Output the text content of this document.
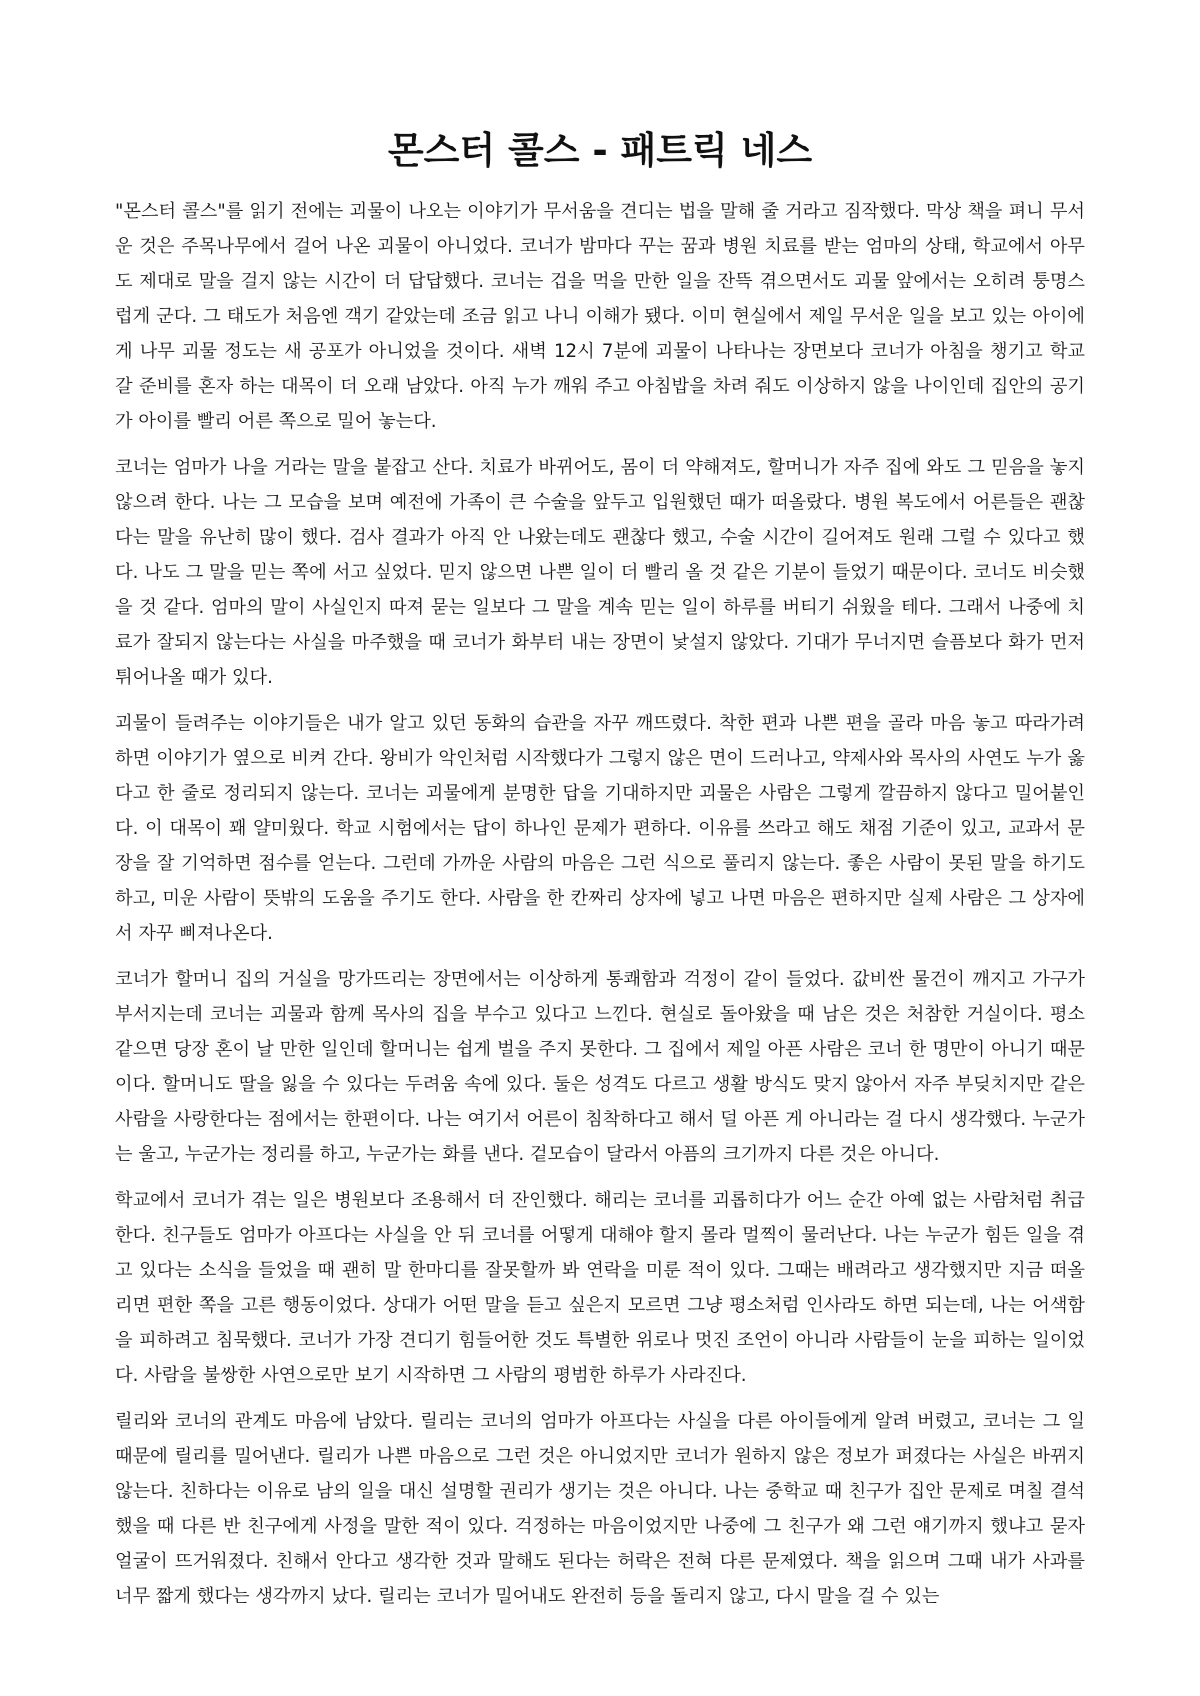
몬스터 콜스 - 패트릭 네스

"몬스터 콜스"를 읽기 전에는 괴물이 나오는 이야기가 무서움을 견디는 법을 말해 줄 거라고 짐작했다. 막상 책을 펴니 무서운 것은 주목나무에서 걸어 나온 괴물이 아니었다. 코너가 밤마다 꾸는 꿈과 병원 치료를 받는 엄마의 상태, 학교에서 아무도 제대로 말을 걸지 않는 시간이 더 답답했다. 코너는 겁을 먹을 만한 일을 잔뜩 겪으면서도 괴물 앞에서는 오히려 퉁명스럽게 군다. 그 태도가 처음엔 객기 같았는데 조금 읽고 나니 이해가 됐다. 이미 현실에서 제일 무서운 일을 보고 있는 아이에게 나무 괴물 정도는 새 공포가 아니었을 것이다. 새벽 12시 7분에 괴물이 나타나는 장면보다 코너가 아침을 챙기고 학교 갈 준비를 혼자 하는 대목이 더 오래 남았다. 아직 누가 깨워 주고 아침밥을 차려 줘도 이상하지 않을 나이인데 집안의 공기가 아이를 빨리 어른 쪽으로 밀어 놓는다.

코너는 엄마가 나을 거라는 말을 붙잡고 산다. 치료가 바뀌어도, 몸이 더 약해져도, 할머니가 자주 집에 와도 그 믿음을 놓지 않으려 한다. 나는 그 모습을 보며 예전에 가족이 큰 수술을 앞두고 입원했던 때가 떠올랐다. 병원 복도에서 어른들은 괜찮다는 말을 유난히 많이 했다. 검사 결과가 아직 안 나왔는데도 괜찮다 했고, 수술 시간이 길어져도 원래 그럴 수 있다고 했다. 나도 그 말을 믿는 쪽에 서고 싶었다. 믿지 않으면 나쁜 일이 더 빨리 올 것 같은 기분이 들었기 때문이다. 코너도 비슷했을 것 같다. 엄마의 말이 사실인지 따져 묻는 일보다 그 말을 계속 믿는 일이 하루를 버티기 쉬웠을 테다. 그래서 나중에 치료가 잘되지 않는다는 사실을 마주했을 때 코너가 화부터 내는 장면이 낯설지 않았다. 기대가 무너지면 슬픔보다 화가 먼저 튀어나올 때가 있다.

괴물이 들려주는 이야기들은 내가 알고 있던 동화의 습관을 자꾸 깨뜨렸다. 착한 편과 나쁜 편을 골라 마음 놓고 따라가려 하면 이야기가 옆으로 비켜 간다. 왕비가 악인처럼 시작했다가 그렇지 않은 면이 드러나고, 약제사와 목사의 사연도 누가 옳다고 한 줄로 정리되지 않는다. 코너는 괴물에게 분명한 답을 기대하지만 괴물은 사람은 그렇게 깔끔하지 않다고 밀어붙인다. 이 대목이 꽤 얄미웠다. 학교 시험에서는 답이 하나인 문제가 편하다. 이유를 쓰라고 해도 채점 기준이 있고, 교과서 문장을 잘 기억하면 점수를 얻는다. 그런데 가까운 사람의 마음은 그런 식으로 풀리지 않는다. 좋은 사람이 못된 말을 하기도 하고, 미운 사람이 뜻밖의 도움을 주기도 한다. 사람을 한 칸짜리 상자에 넣고 나면 마음은 편하지만 실제 사람은 그 상자에서 자꾸 삐져나온다.

코너가 할머니 집의 거실을 망가뜨리는 장면에서는 이상하게 통쾌함과 걱정이 같이 들었다. 값비싼 물건이 깨지고 가구가 부서지는데 코너는 괴물과 함께 목사의 집을 부수고 있다고 느낀다. 현실로 돌아왔을 때 남은 것은 처참한 거실이다. 평소 같으면 당장 혼이 날 만한 일인데 할머니는 쉽게 벌을 주지 못한다. 그 집에서 제일 아픈 사람은 코너 한 명만이 아니기 때문이다. 할머니도 딸을 잃을 수 있다는 두려움 속에 있다. 둘은 성격도 다르고 생활 방식도 맞지 않아서 자주 부딪치지만 같은 사람을 사랑한다는 점에서는 한편이다. 나는 여기서 어른이 침착하다고 해서 덜 아픈 게 아니라는 걸 다시 생각했다. 누군가는 울고, 누군가는 정리를 하고, 누군가는 화를 낸다. 겉모습이 달라서 아픔의 크기까지 다른 것은 아니다.

학교에서 코너가 겪는 일은 병원보다 조용해서 더 잔인했다. 해리는 코너를 괴롭히다가 어느 순간 아예 없는 사람처럼 취급한다. 친구들도 엄마가 아프다는 사실을 안 뒤 코너를 어떻게 대해야 할지 몰라 멀찍이 물러난다. 나는 누군가 힘든 일을 겪고 있다는 소식을 들었을 때 괜히 말 한마디를 잘못할까 봐 연락을 미룬 적이 있다. 그때는 배려라고 생각했지만 지금 떠올리면 편한 쪽을 고른 행동이었다. 상대가 어떤 말을 듣고 싶은지 모르면 그냥 평소처럼 인사라도 하면 되는데, 나는 어색함을 피하려고 침묵했다. 코너가 가장 견디기 힘들어한 것도 특별한 위로나 멋진 조언이 아니라 사람들이 눈을 피하는 일이었다. 사람을 불쌍한 사연으로만 보기 시작하면 그 사람의 평범한 하루가 사라진다.

릴리와 코너의 관계도 마음에 남았다. 릴리는 코너의 엄마가 아프다는 사실을 다른 아이들에게 알려 버렸고, 코너는 그 일 때문에 릴리를 밀어낸다. 릴리가 나쁜 마음으로 그런 것은 아니었지만 코너가 원하지 않은 정보가 퍼졌다는 사실은 바뀌지 않는다. 친하다는 이유로 남의 일을 대신 설명할 권리가 생기는 것은 아니다. 나는 중학교 때 친구가 집안 문제로 며칠 결석했을 때 다른 반 친구에게 사정을 말한 적이 있다. 걱정하는 마음이었지만 나중에 그 친구가 왜 그런 얘기까지 했냐고 묻자 얼굴이 뜨거워졌다. 친해서 안다고 생각한 것과 말해도 된다는 허락은 전혀 다른 문제였다. 책을 읽으며 그때 내가 사과를 너무 짧게 했다는 생각까지 났다. 릴리는 코너가 밀어내도 완전히 등을 돌리지 않고, 다시 말을 걸 수 있는
